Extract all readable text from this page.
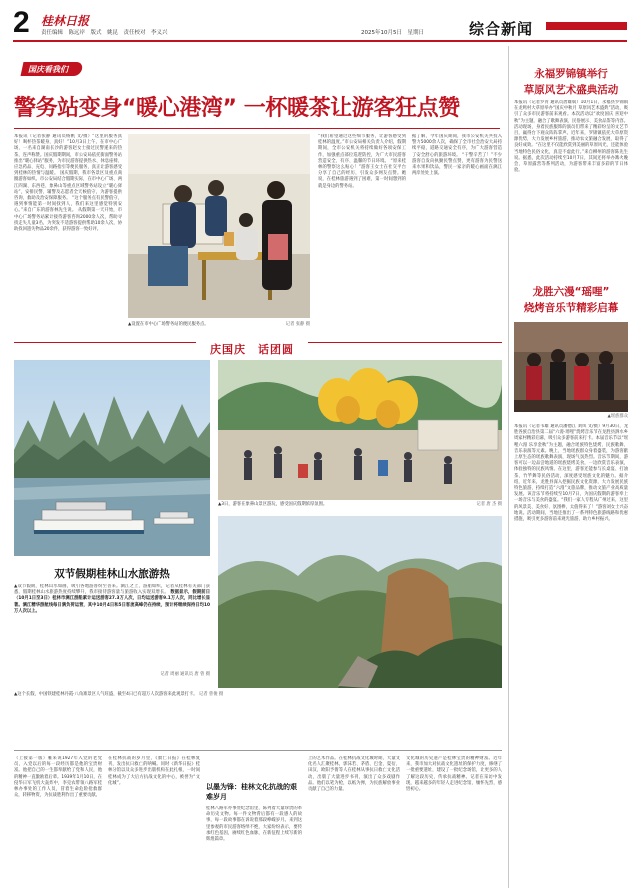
2 桂林日报
责任编辑　陈远岸　版式　姚昆　责任校对　李义兴	2025年10月5日　星期日	综合新闻
国庆看我们
警务站变身“暖心港湾” 一杯暖茶让游客狂点赞
本报讯（记者张静 通讯员杨帆 文/摄）“这里的服务真好！喝杯热茶暖身，真好！”10月3日上午，在市中心广场，一名来自湖南长沙的游客赵女士接过民警递来的热茶，连声称赞。国庆假期期间，市公安局依托街面警务站推出“暖心驿站”服务，为市民游客提供热水、休息座椅、应急药品、充电、问路指引等便民服务，真正让游客感受到桂林的热情与温暖。 国庆假期，我市各景区及重点商圈游客如织。市公安局结合假期实际，在市中心广场、两江四湖、东西巷、象鼻山等重点区域警务站设立“暖心驿站”，安排民警、辅警及志愿者全天候值守，为游客提供咨询、救助及治安保障服务。 “这个服务点有民警值守，遇到事情能第一时间找到人，我们来这里感觉特别安心。”来自广东的游客林先生说。 从假期第一天开始，市中心广场警务站累计接待游客咨询2000余人次，帮助寻找走失儿童3名，为突发不适游客提供帮助10余人次，协助找回遗失物品20余件，获得游客一致好评。
▲设置在市中心广场警务站的便民服务点。	记者 张静 摄
“我们希望通过这些细节服务，让游客感受到桂林的温度。”市公安局相关负责人介绍，假期期间，全市公安机关将持续做好各项安保工作，加强重点部位巡逻防控，为广大市民游客营造安全、有序、温馨的节日环境。 “原来桂林的警察这么贴心！”游客王女士在社交平台分享了自己的经历，引发众多网友点赞。她说，在桂林旅游遇到了困难，第一时间想到的就是身边的警务站。
据了解，今年国庆期间，我市公安机关共投入警力5000余人次，确保了全市社会治安大局持续平稳，道路交通安全有序，为广大游客营造了安全舒心的旅游环境。 “干警辛苦了！”不少游客自发向执勤民警点赞，更有游客为民警送来水果和饮品，警民一家亲的暖心画面在漓江两岸处处上演。
庆国庆　话团圆
▲3日，游客在象鼻山景区游玩，感受国庆假期浓厚氛围。	记者 唐 杰 摄
双节假期桂林山水旅游热
▲双节假期，桂林山水如画，吸引各地游客纷至沓来。漓江之上，游船如织，记者从桂林有关部门获悉，假期桂林山水旅游热度持续攀升，我市接待游客量与旅游收入实现双增长。 数据显示，假期前日（10月1日至3日）桂林市漓江游船累计运送游客27.3万人次，日均运送游客9.1万人次，同比增长显著。漓江精华游航线每日满负荷运营，其中10月4日和5日客流高峰仍在持续，预计将继续保持日均10万人次以上。
记者 周丽 通讯员 唐 曾 摄
▲这个长假，中国铁建桂林丹霞·八角寨景区人气旺盛，截至4日已有超万人次游客来此观景打卡。 记者 曾俊 摄
（上接第一版）雁来说1927年入党的老党员，入党以后的每一段经历都是他的宝贵财富。他把自己的一生都奉献给了党和人民，他的精神一直激励着后辈。1939年1月10日，在侵华日军飞机大轰炸中，李克农带领八路军桂林办事处的工作人员，冒着生命危险抢救群众，转移物资，为抗战胜利作出了重要贡献。
在桂林抗战的岁月里，《救亡日报》在桂林复刊，发出抗日救亡的呐喊。同时《新华日报》桂林分馆以及众多进步出版机构在此扎根，一时间桂林成为了大后方抗战文化的中心，被誉为“文化城”。	以墨为锋：桂林文化抗战的艰难岁月
桂林八路军办事处纪念馆里，陈列着大量珍贵的革命历史文物。每一件文物背后都有一段感人的故事，每一段故事都在诉说着那段峥嵘岁月。来到这里参观的市民游客络绎不绝，大家纷纷表示，要传承红色基因，赓续红色血脉，在新征程上续写新的辉煌篇章。
上的艺术作品。在桂林抗战文化城时期，大量文化名人汇聚桂林，郭沫若、茅盾、巴金、夏衍、田汉、欧阳予倩等人在桂林从事抗日救亡文化活动，出版了大量进步书刊，演出了众多戏剧作品。他们以笔为枪，以纸为弹，为民族解放事业贡献了自己的力量。
文化城的历史遗产是桂林宝贵的精神财富。近年来，我市加大对抗战文化遗址的保护力度，修缮了一批重要遗址，建设了一批纪念场馆，让更多的人了解这段历史，传承抗战精神。记者在采访中发现，越来越多的年轻人走进纪念馆，缅怀先烈，感悟初心。
永福罗锦镇举行
草原风艺术盛典活动
本报讯（记者罗青 通讯员唐雄斌）10月1日，永福县罗锦镇在龙鸣村大草原举办“国庆中秋月 草原风艺术盛典”活动，吸引了众多市民游客前来观看。本次活动以“欢度国庆 喜迎中秋”为主题，融合了歌舞表演、民俗展示、美食品鉴等内容。活动现场，身着民族服饰的演员们带来了精彩纷呈的文艺节目，赢得台下观众阵阵掌声。近年来，罗锦镇依托大草原资源优势，大力发展乡村旅游，推动农文旅融合发展，取得了良好成效。“在这里不仅能欣赏到美丽的草原风光，还能体验当地特色民俗文化，真是不虚此行。”来自柳州的游客陈先生说。据悉，此次活动持续至10月7日，其间还将举办篝火晚会、草原露营等系列活动，为游客带来丰富多彩的节日体验。
龙胜六漫“瑶哩”
烧烤音乐节精彩启幕
▲瑶族群众
本报讯（记者韦雄 通讯员潘德江 刘凤 文/摄）9月30日，龙胜各族自治县第二届“六漫·瑶哩”烧烤音乐节在龙胜县泗水乡周家村精彩启幕，吸引众多游客前来打卡。本届音乐节以“瑶哩六漫 乐享金秋”为主题，融合瑶族特色烧烤、民族歌舞、音乐表演等元素。晚上，当地瑶族群众身着盛装，为游客献上原生态的瑶族歌舞表演，现场气氛热烈。音乐节期间，游客可以一边品尝地道的瑶族烧烤美食，一边欣赏音乐表演，体验独特的民族风情。在这里，游客还能参与长桌宴、打油茶、竹竿舞等民俗活动，深度感受瑶族文化的魅力。据介绍，近年来，龙胜县深入挖掘民族文化资源，大力发展民族特色旅游，持续打造“六漫”文旅品牌，推动文旅产业高质量发展。该音乐节将持续至10月7日，为国庆假期的游客奉上一场音乐与美食的盛宴。“我们一家人专程从广州过来，这里的风景美、美食好、氛围棒，太值得来了！”游客刘女士兴奋地说。活动期间，当地还推出了一系列特色旅游线路和优惠措施，吸引更多游客前来观光旅游，助力乡村振兴。
